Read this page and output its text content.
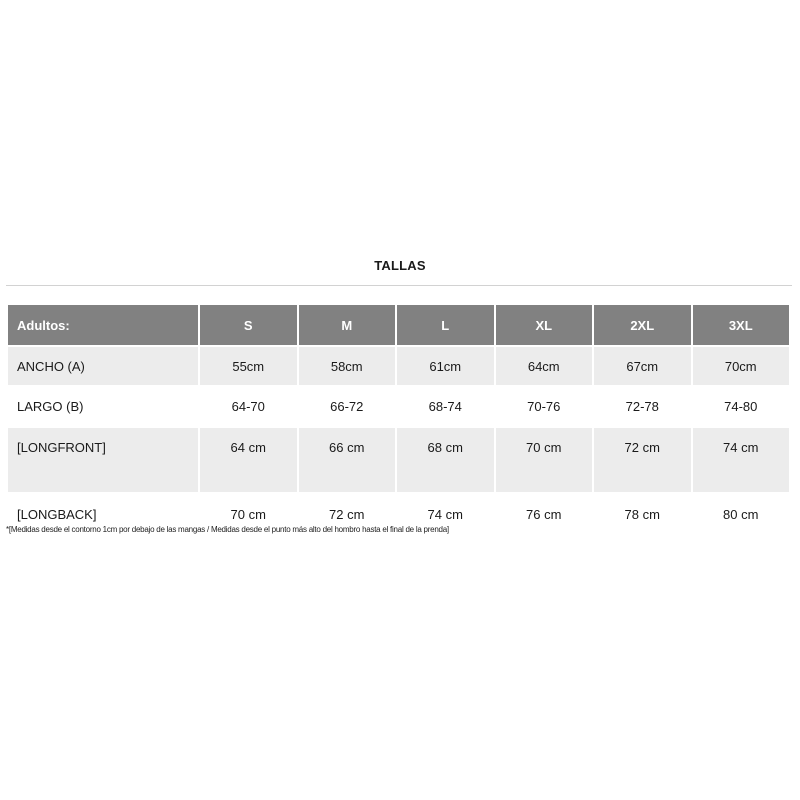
TALLAS
Adultos:	S	M	L	XL	2XL	3XL
ANCHO (A)	55cm	58cm	61cm	64cm	67cm	70cm
LARGO (B)	64-70	66-72	68-74	70-76	72-78	74-80
[LONGFRONT]	64 cm	66 cm	68 cm	70 cm	72 cm	74 cm
[LONGBACK]	70 cm	72 cm	74 cm	76 cm	78 cm	80 cm
*[Medidas desde el contorno 1cm por debajo de las mangas / Medidas desde el punto más alto del hombro hasta el final de la prenda]
